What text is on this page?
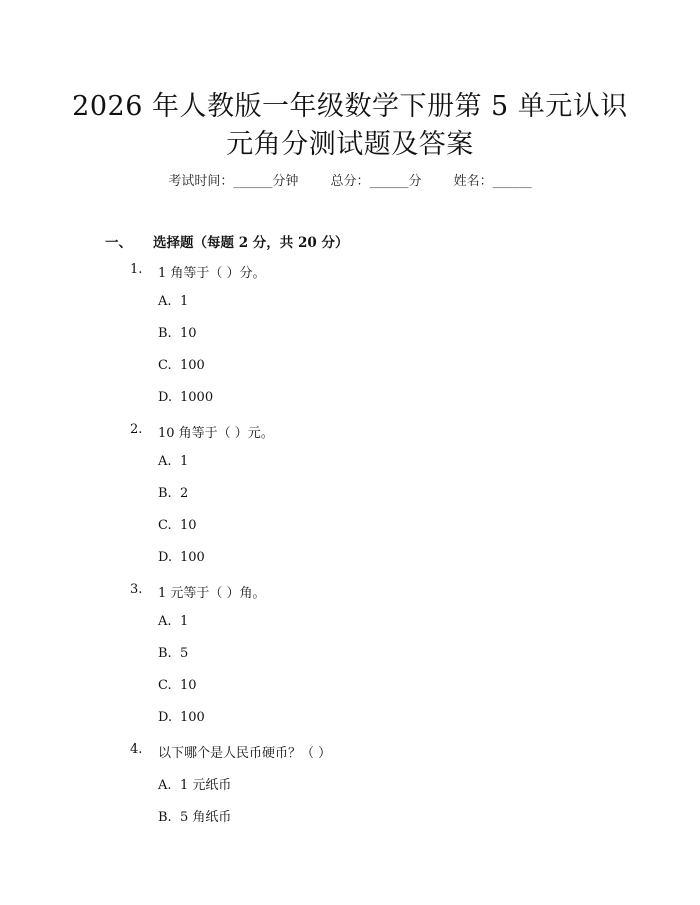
2026 年人教版一年级数学下册第 5 单元认识
元角分测试题及答案
考试时间：______分钟 总分：______分 姓名：______
一、 选择题（每题 2 分，共 20 分）
1.	1 角等于（ ）分。
A. 1
B. 10
C. 100
D. 1000
2.	10 角等于（ ）元。
A. 1
B. 2
C. 10
D. 100
3.	1 元等于（ ）角。
A. 1
B. 5
C. 10
D. 100
4.	以下哪个是人民币硬币？（ ）
A. 1 元纸币
B. 5 角纸币
